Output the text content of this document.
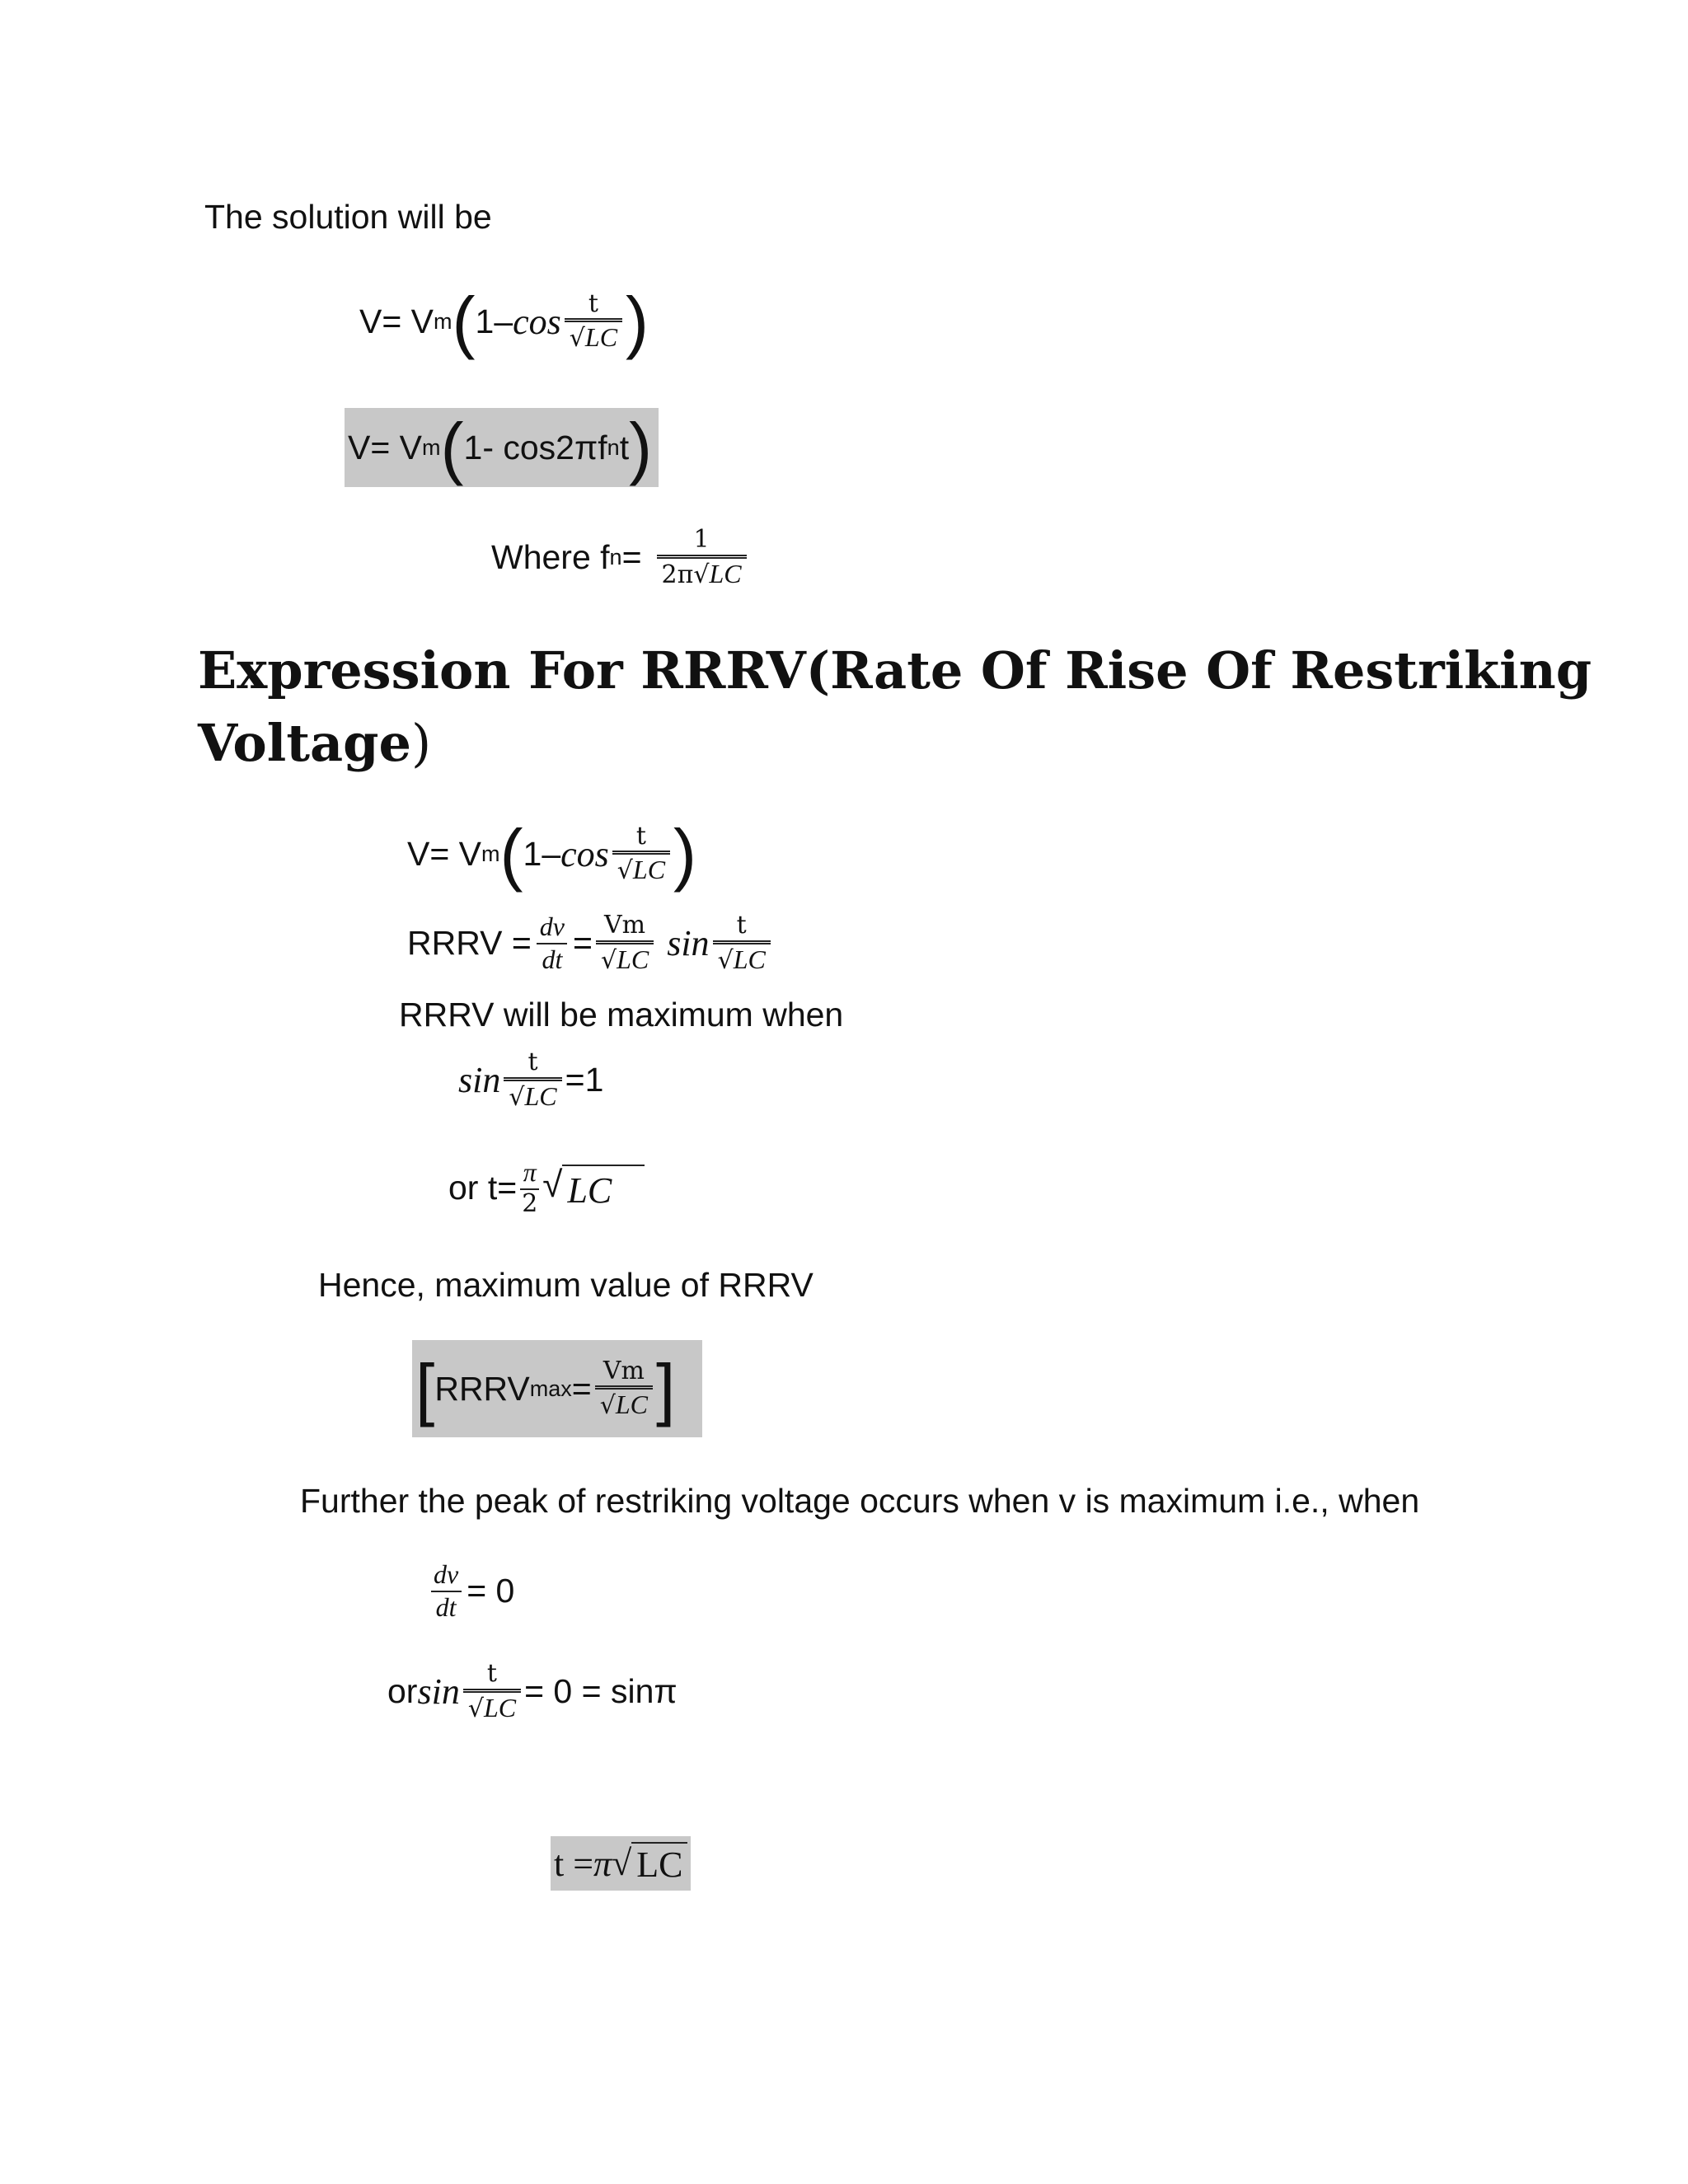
The solution will be
V= V m ( 1– $\cos \frac{t}{√LC}$ )
V= V m ( 1- cos2πf n t )
Where f $n = \frac{1}{2\pi√LC}$
Expression For RRRV(Rate Of Rise Of Restriking
Voltage)
V= V m ( 1– $\cos \frac{t}{√LC}$ )
RRRV = $\frac{dv}{dt} = \frac{Vm}{√LC}$ $\sin \frac{t}{√LC}$
RRRV will be maximum when
$\sin \frac{t}{√LC} =1$
or $t= \frac{\pi}{2}$ √ LC
Hence, maximum value of RRRV
[ RRRV $\max = \frac{Vm}{√LC}$ ]
Further the peak of restriking voltage occurs when v is maximum i.e., when
$\frac{dv}{dt} = 0$
or $\sin \frac{t}{√LC} = 0 = \sin\pi$
t = π √ LC
